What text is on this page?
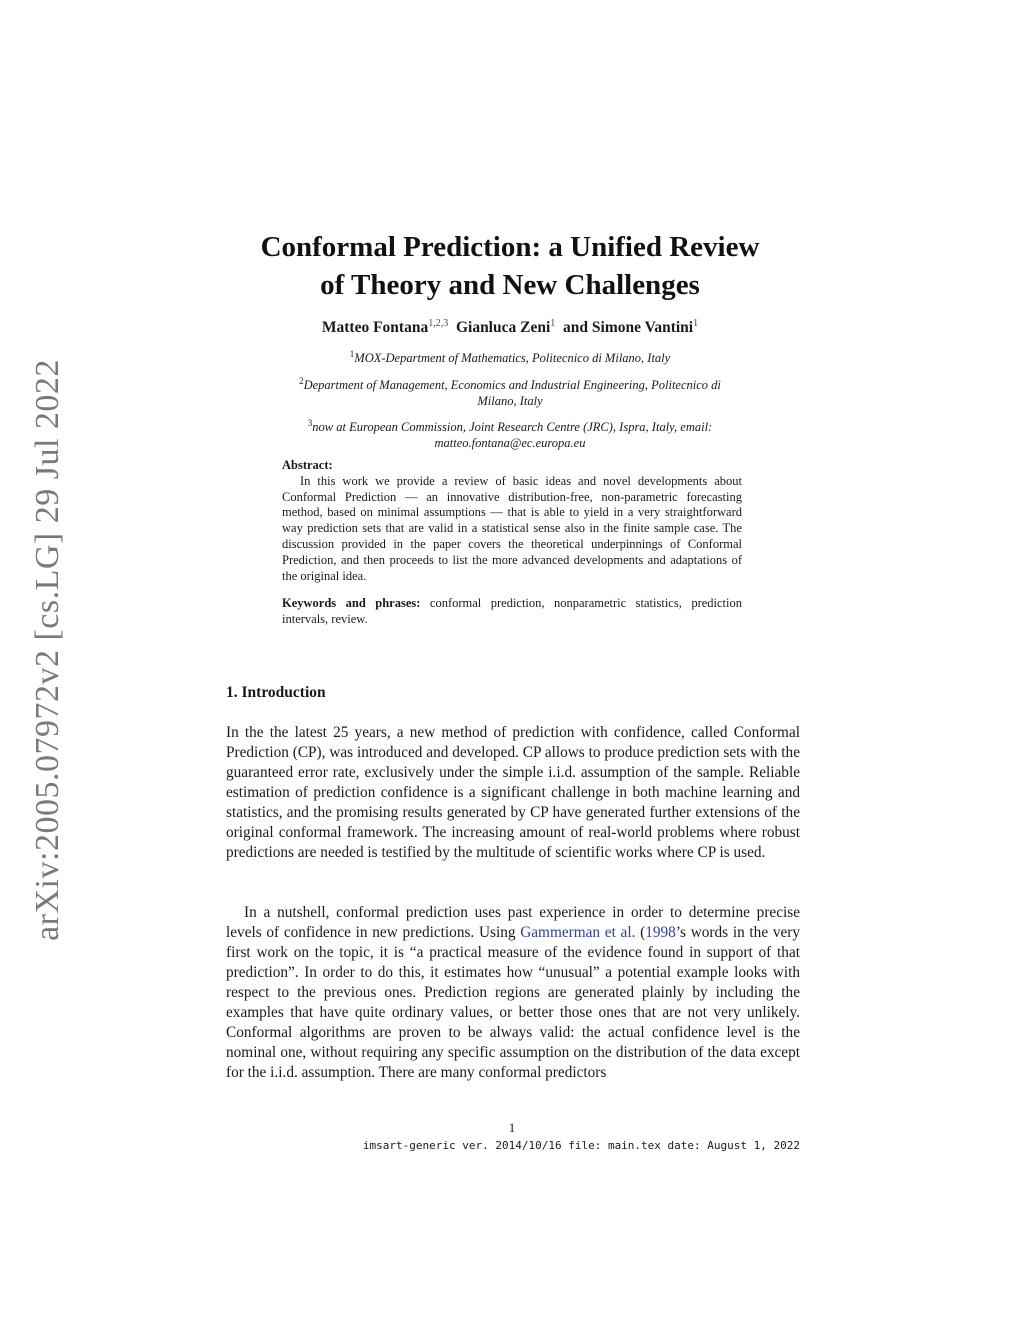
arXiv:2005.07972v2 [cs.LG] 29 Jul 2022
Conformal Prediction: a Unified Review
of Theory and New Challenges
Matteo Fontana$^{1,2,3}$ Gianluca Zeni$^1$ and Simone Vantini$^1$
$^1$MOX-Department of Mathematics, Politecnico di Milano, Italy
$^2$Department of Management, Economics and Industrial Engineering, Politecnico di
Milano, Italy
$^3$now at European Commission, Joint Research Centre (JRC), Ispra, Italy, email:
matteo.fontana@ec.europa.eu
Abstract:

In this work we provide a review of basic ideas and novel developments about Conformal Prediction — an innovative distribution-free, non-parametric forecasting method, based on minimal assumptions — that is able to yield in a very straightforward way prediction sets that are valid in a statistical sense also in the finite sample case. The discussion provided in the paper covers the theoretical underpinnings of Conformal Prediction, and then proceeds to list the more advanced developments and adaptations of the original idea.

Keywords and phrases: conformal prediction, nonparametric statistics, prediction intervals, review.
1. Introduction

In the the latest 25 years, a new method of prediction with confidence, called Conformal Prediction (CP), was introduced and developed. CP allows to produce prediction sets with the guaranteed error rate, exclusively under the simple i.i.d. assumption of the sample. Reliable estimation of prediction confidence is a significant challenge in both machine learning and statistics, and the promising results generated by CP have generated further extensions of the original conformal framework. The increasing amount of real-world problems where robust predictions are needed is testified by the multitude of scientific works where CP is used.

In a nutshell, conformal prediction uses past experience in order to determine precise levels of confidence in new predictions. Using Gammerman et al. (1998’s words in the very first work on the topic, it is “a practical measure of the evidence found in support of that prediction”. In order to do this, it estimates how “unusual” a potential example looks with respect to the previous ones. Prediction regions are generated plainly by including the examples that have quite ordinary values, or better those ones that are not very unlikely. Conformal algorithms are proven to be always valid: the actual confidence level is the nominal one, without requiring any specific assumption on the distribution of the data except for the i.i.d. assumption. There are many conformal predictors

1
imsart-generic ver. 2014/10/16 file: main.tex date: August 1, 2022
